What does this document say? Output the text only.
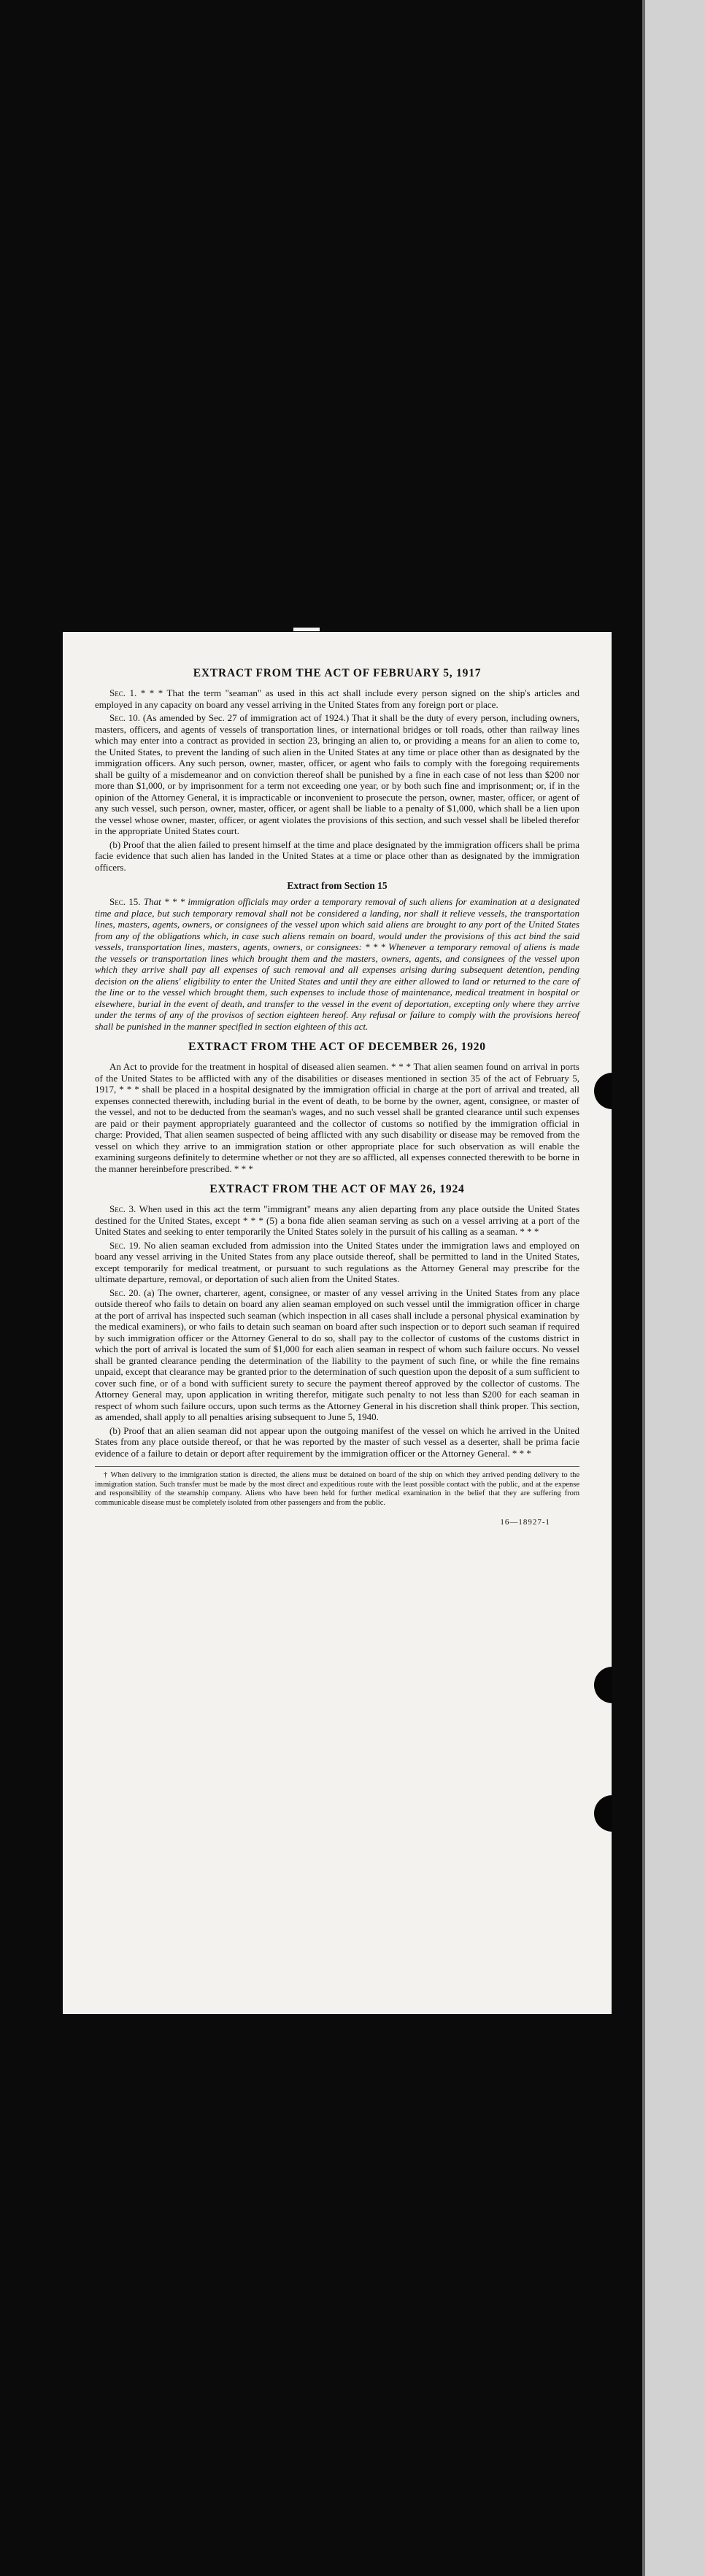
EXTRACT FROM THE ACT OF FEBRUARY 5, 1917

Sec. 1. * * * That the term "seaman" as used in this act shall include every person signed on the ship's articles and employed in any capacity on board any vessel arriving in the United States from any foreign port or place.

Sec. 10. (As amended by Sec. 27 of immigration act of 1924.) That it shall be the duty of every person, including owners, masters, officers, and agents of vessels of transportation lines, or international bridges or toll roads, other than railway lines which may enter into a contract as provided in section 23, bringing an alien to, or providing a means for an alien to come to, the United States, to prevent the landing of such alien in the United States at any time or place other than as designated by the immigration officers. Any such person, owner, master, officer, or agent who fails to comply with the foregoing requirements shall be guilty of a misdemeanor and on conviction thereof shall be punished by a fine in each case of not less than $200 nor more than $1,000, or by imprisonment for a term not exceeding one year, or by both such fine and imprisonment; or, if in the opinion of the Attorney General, it is impracticable or inconvenient to prosecute the person, owner, master, officer, or agent of any such vessel, such person, owner, master, officer, or agent shall be liable to a penalty of $1,000, which shall be a lien upon the vessel whose owner, master, officer, or agent violates the provisions of this section, and such vessel shall be libeled therefor in the appropriate United States court.

(b) Proof that the alien failed to present himself at the time and place designated by the immigration officers shall be prima facie evidence that such alien has landed in the United States at a time or place other than as designated by the immigration officers.

Extract from Section 15

Sec. 15. That * * * immigration officials may order a temporary removal of such aliens for examination at a designated time and place, but such temporary removal shall not be considered a landing, nor shall it relieve vessels, the transportation lines, masters, agents, owners, or consignees of the vessel upon which said aliens are brought to any port of the United States from any of the obligations which, in case such aliens remain on board, would under the provisions of this act bind the said vessels, transportation lines, masters, agents, owners, or consignees: * * * Whenever a temporary removal of aliens is made the vessels or transportation lines which brought them and the masters, owners, agents, and consignees of the vessel upon which they arrive shall pay all expenses of such removal and all expenses arising during subsequent detention, pending decision on the aliens' eligibility to enter the United States and until they are either allowed to land or returned to the care of the line or to the vessel which brought them, such expenses to include those of maintenance, medical treatment in hospital or elsewhere, burial in the event of death, and transfer to the vessel in the event of deportation, excepting only where they arrive under the terms of any of the provisos of section eighteen hereof. Any refusal or failure to comply with the provisions hereof shall be punished in the manner specified in section eighteen of this act.

EXTRACT FROM THE ACT OF DECEMBER 26, 1920

An Act to provide for the treatment in hospital of diseased alien seamen. * * * That alien seamen found on arrival in ports of the United States to be afflicted with any of the disabilities or diseases mentioned in section 35 of the act of February 5, 1917, * * * shall be placed in a hospital designated by the immigration official in charge at the port of arrival and treated, all expenses connected therewith, including burial in the event of death, to be borne by the owner, agent, consignee, or master of the vessel, and not to be deducted from the seaman's wages, and no such vessel shall be granted clearance until such expenses are paid or their payment appropriately guaranteed and the collector of customs so notified by the immigration official in charge: Provided, That alien seamen suspected of being afflicted with any such disability or disease may be removed from the vessel on which they arrive to an immigration station or other appropriate place for such observation as will enable the examining surgeons definitely to determine whether or not they are so afflicted, all expenses connected therewith to be borne in the manner hereinbefore prescribed. * * *

EXTRACT FROM THE ACT OF MAY 26, 1924

Sec. 3. When used in this act the term "immigrant" means any alien departing from any place outside the United States destined for the United States, except * * * (5) a bona fide alien seaman serving as such on a vessel arriving at a port of the United States and seeking to enter temporarily the United States solely in the pursuit of his calling as a seaman. * * *

Sec. 19. No alien seaman excluded from admission into the United States under the immigration laws and employed on board any vessel arriving in the United States from any place outside thereof, shall be permitted to land in the United States, except temporarily for medical treatment, or pursuant to such regulations as the Attorney General may prescribe for the ultimate departure, removal, or deportation of such alien from the United States.

Sec. 20. (a) The owner, charterer, agent, consignee, or master of any vessel arriving in the United States from any place outside thereof who fails to detain on board any alien seaman employed on such vessel until the immigration officer in charge at the port of arrival has inspected such seaman (which inspection in all cases shall include a personal physical examination by the medical examiners), or who fails to detain such seaman on board after such inspection or to deport such seaman if required by such immigration officer or the Attorney General to do so, shall pay to the collector of customs of the customs district in which the port of arrival is located the sum of $1,000 for each alien seaman in respect of whom such failure occurs. No vessel shall be granted clearance pending the determination of the liability to the payment of such fine, or while the fine remains unpaid, except that clearance may be granted prior to the determination of such question upon the deposit of a sum sufficient to cover such fine, or of a bond with sufficient surety to secure the payment thereof approved by the collector of customs. The Attorney General may, upon application in writing therefor, mitigate such penalty to not less than $200 for each seaman in respect of whom such failure occurs, upon such terms as the Attorney General in his discretion shall think proper. This section, as amended, shall apply to all penalties arising subsequent to June 5, 1940.

(b) Proof that an alien seaman did not appear upon the outgoing manifest of the vessel on which he arrived in the United States from any place outside thereof, or that he was reported by the master of such vessel as a deserter, shall be prima facie evidence of a failure to detain or deport after requirement by the immigration officer or the Attorney General. * * *

† When delivery to the immigration station is directed, the aliens must be detained on board of the ship on which they arrived pending delivery to the immigration station. Such transfer must be made by the most direct and expeditious route with the least possible contact with the public, and at the expense and responsibility of the steamship company. Aliens who have been held for further medical examination in the belief that they are suffering from communicable disease must be completely isolated from other passengers and from the public.

16—18927-1
